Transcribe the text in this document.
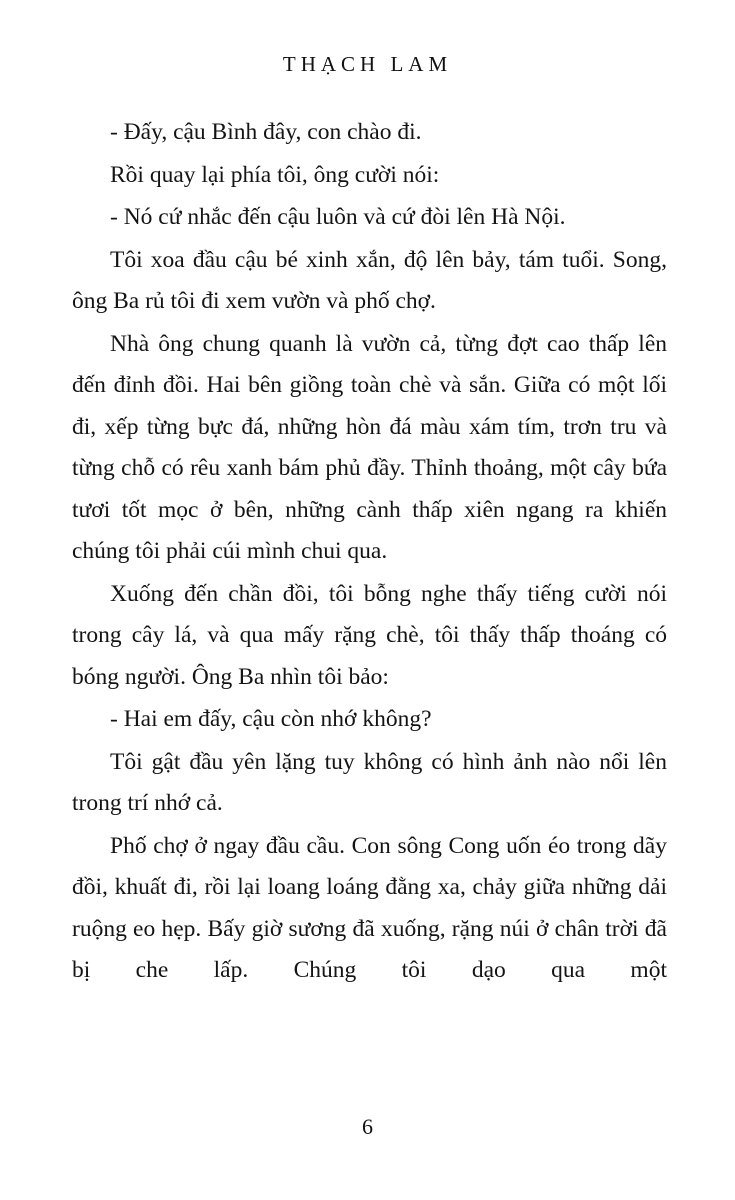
THẠCH LAM

- Đấy, cậu Bình đây, con chào đi.

Rồi quay lại phía tôi, ông cười nói:

- Nó cứ nhắc đến cậu luôn và cứ đòi lên Hà Nội.

Tôi xoa đầu cậu bé xinh xắn, độ lên bảy, tám tuổi. Song, ông Ba rủ tôi đi xem vườn và phố chợ.

Nhà ông chung quanh là vườn cả, từng đợt cao thấp lên đến đỉnh đồi. Hai bên giồng toàn chè và sắn. Giữa có một lối đi, xếp từng bực đá, những hòn đá màu xám tím, trơn tru và từng chỗ có rêu xanh bám phủ đầy. Thỉnh thoảng, một cây bứa tươi tốt mọc ở bên, những cành thấp xiên ngang ra khiến chúng tôi phải cúi mình chui qua.

Xuống đến chần đồi, tôi bỗng nghe thấy tiếng cười nói trong cây lá, và qua mấy rặng chè, tôi thấy thấp thoáng có bóng người. Ông Ba nhìn tôi bảo:

- Hai em đấy, cậu còn nhớ không?

Tôi gật đầu yên lặng tuy không có hình ảnh nào nổi lên trong trí nhớ cả.

Phố chợ ở ngay đầu cầu. Con sông Cong uốn éo trong dãy đồi, khuất đi, rồi lại loang loáng đằng xa, chảy giữa những dải ruộng eo hẹp. Bấy giờ sương đã xuống, rặng núi ở chân trời đã bị che lấp. Chúng tôi dạo qua một

6
